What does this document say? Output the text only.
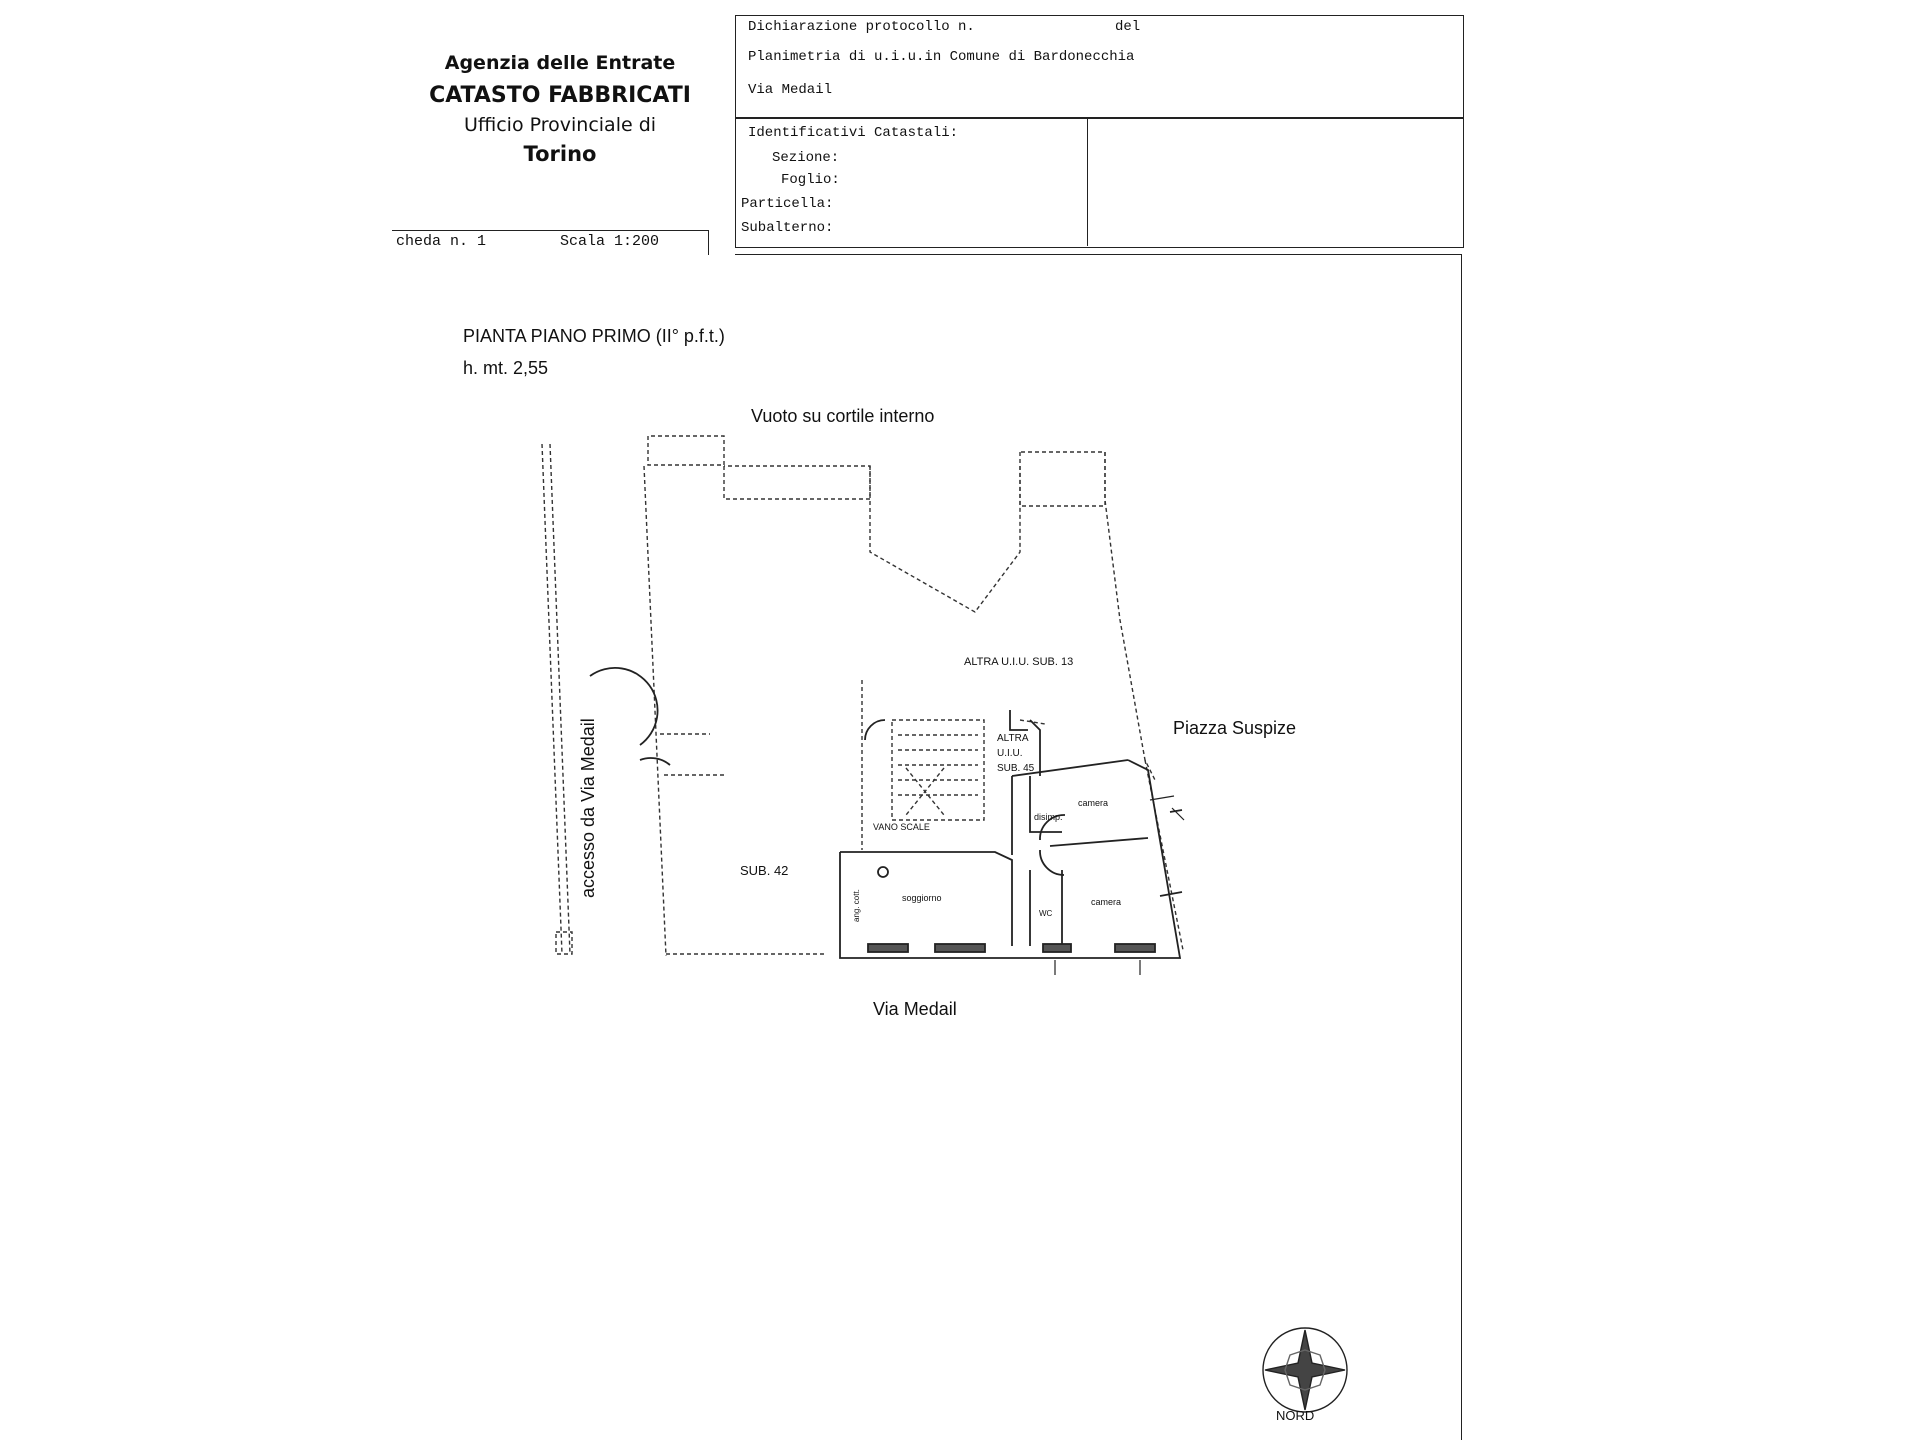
Agenzia delle Entrate
CATASTO FABBRICATI
Ufficio Provinciale di
Torino
cheda n. 1	Scala 1:200
Dichiarazione protocollo n.	del
Planimetria di u.i.u.in Comune di Bardonecchia
Via Medail
Identificativi Catastali:
Sezione:
Foglio:
Particella:
Subalterno:
PIANTA PIANO PRIMO (II° p.f.t.)
h. mt. 2,55
Vuoto su cortile interno
Piazza Suspize
Via Medail
accesso da Via Medail
ALTRA U.I.U. SUB. 13
ALTRA
U.I.U.
SUB. 45
VANO SCALE
SUB. 42
disimp.
camera
camera
soggiorno
WC
ang. cott.
NORD
